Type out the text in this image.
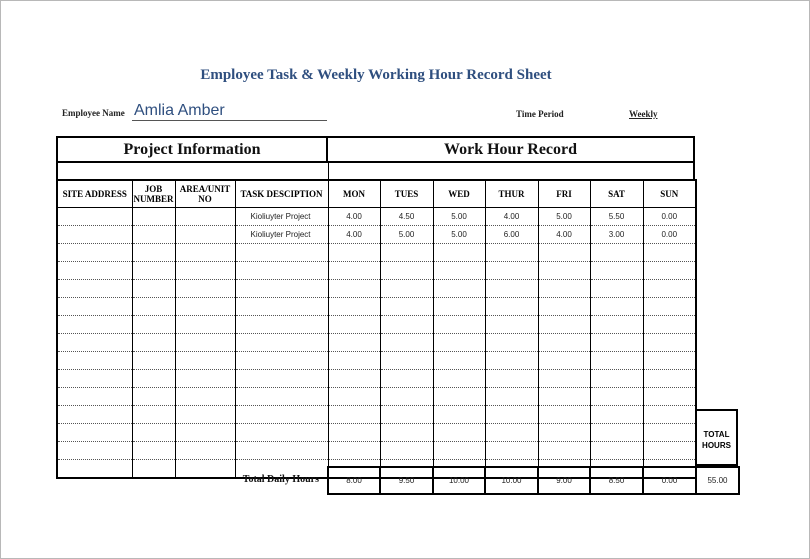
Employee Task & Weekly Working Hour Record Sheet
Employee Name Amlia Amber	Time Period	Weekly
Project Information	Work Hour Record
SITE ADDRESS	JOB NUMBER	AREA/UNIT NO	TASK DESCIPTION	MON	TUES	WED	THUR	FRI	SAT	SUN
			Kioliuyter Project	4.00	4.50	5.00	4.00	5.00	5.50	0.00
			Kioliuyter Project	4.00	5.00	5.00	6.00	4.00	3.00	0.00

TOTAL HOURS
Total Daily Hours	8.00	9.50	10.00	10.00	9.00	8.50	0.00	55.00
